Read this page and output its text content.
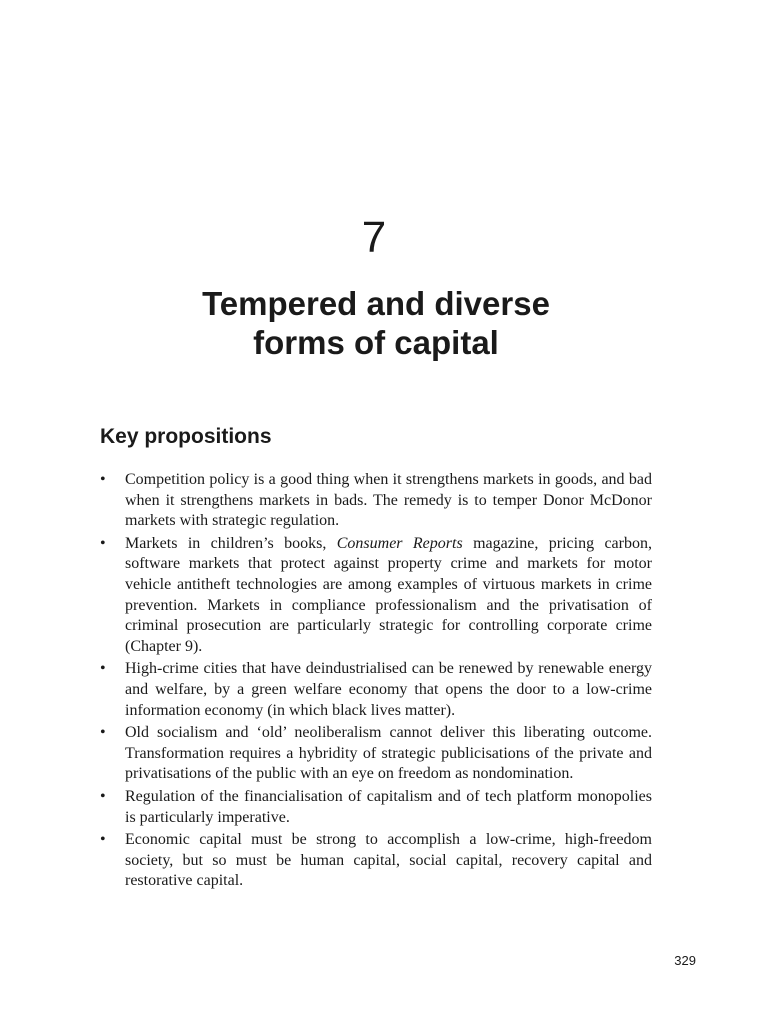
7
Tempered and diverse
forms of capital
Key propositions
• Competition policy is a good thing when it strengthens markets in goods, and bad when it strengthens markets in bads. The remedy is to temper Donor McDonor markets with strategic regulation.
• Markets in children’s books, Consumer Reports magazine, pricing carbon, software markets that protect against property crime and markets for motor vehicle antitheft technologies are among examples of virtuous markets in crime prevention. Markets in compliance professionalism and the privatisation of criminal prosecution are particularly strategic for controlling corporate crime (Chapter 9).
• High-crime cities that have deindustrialised can be renewed by renewable energy and welfare, by a green welfare economy that opens the door to a low-crime information economy (in which black lives matter).
• Old socialism and ‘old’ neoliberalism cannot deliver this liberating outcome. Transformation requires a hybridity of strategic publicisations of the private and privatisations of the public with an eye on freedom as nondomination.
• Regulation of the financialisation of capitalism and of tech platform monopolies is particularly imperative.
• Economic capital must be strong to accomplish a low-crime, high-freedom society, but so must be human capital, social capital, recovery capital and restorative capital.
329
